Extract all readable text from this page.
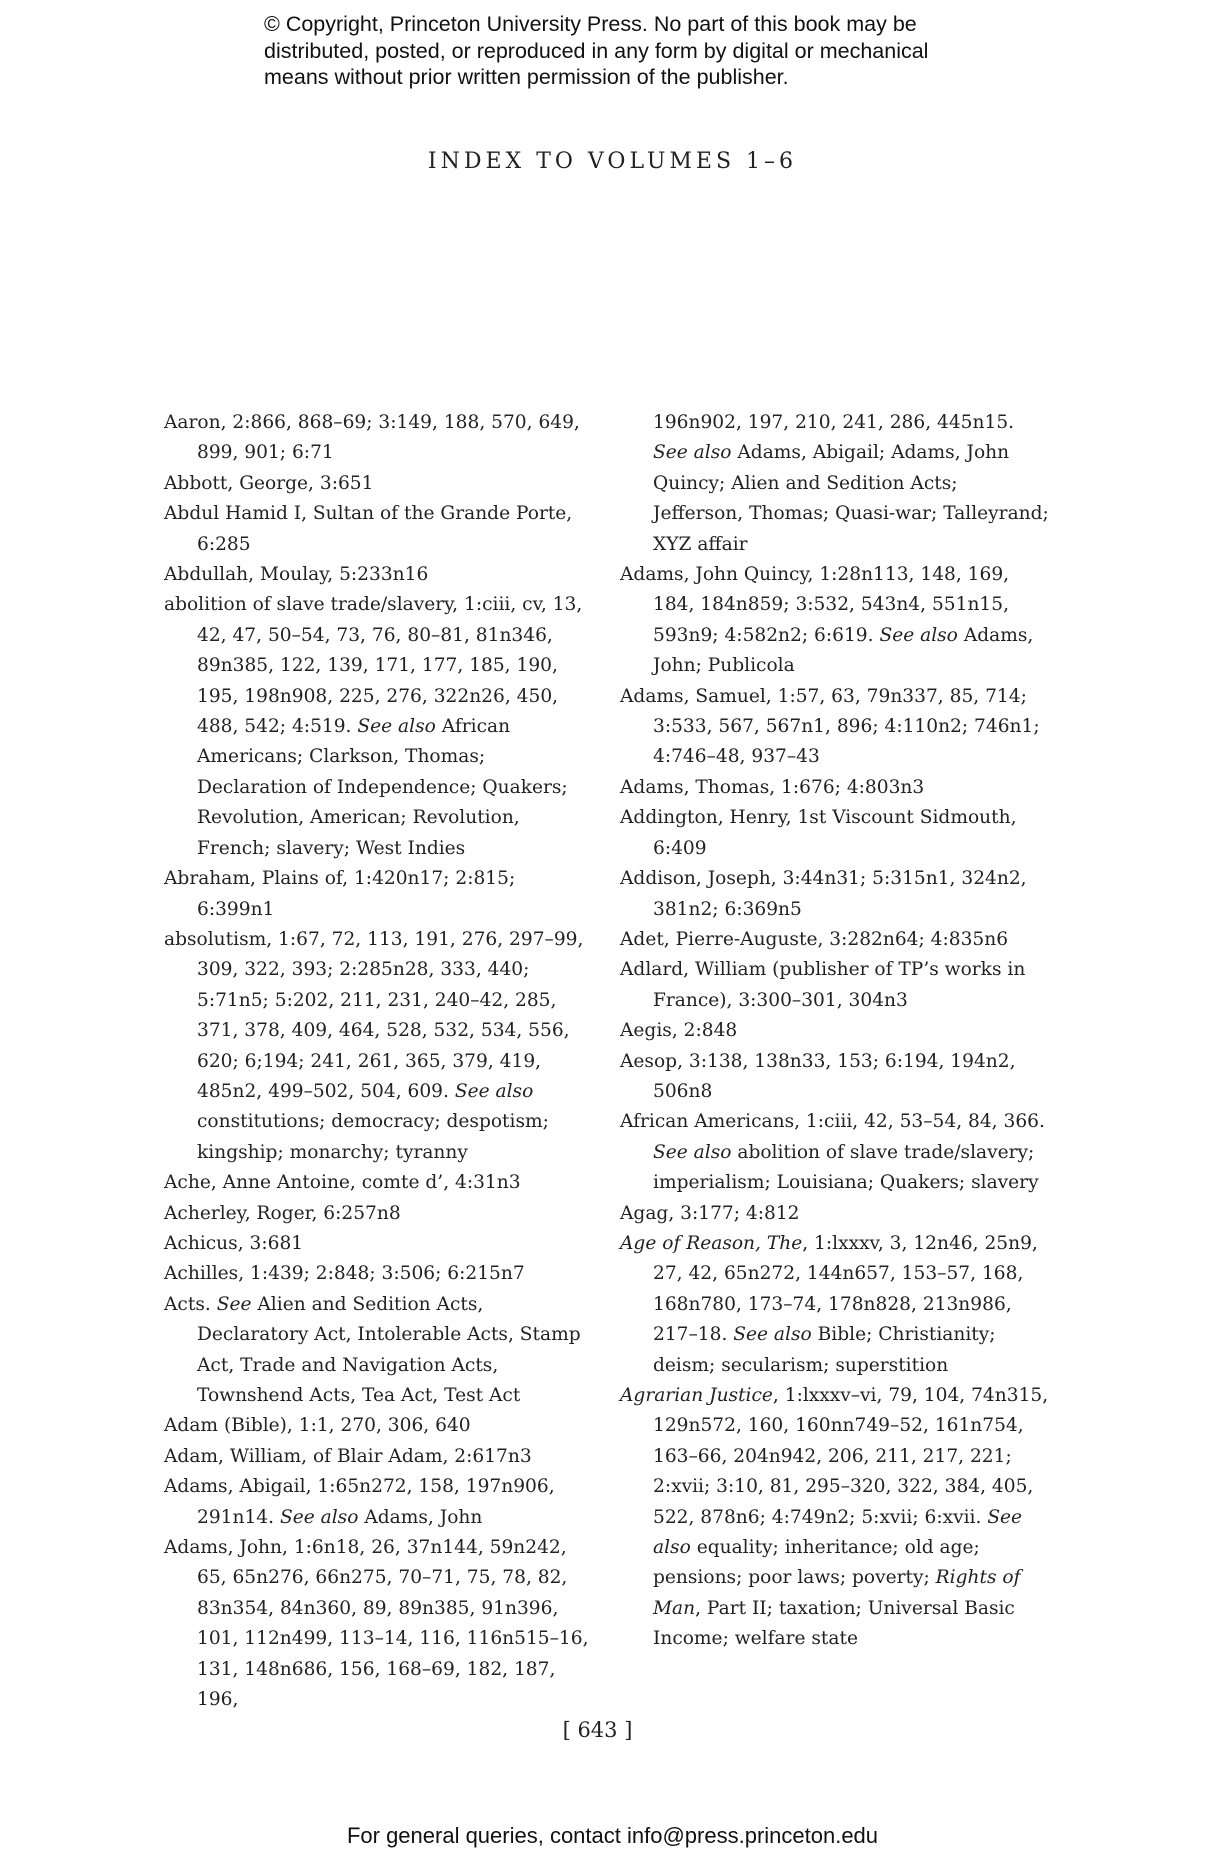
© Copyright, Princeton University Press. No part of this book may be
distributed, posted, or reproduced in any form by digital or mechanical
means without prior written permission of the publisher.
INDEX TO VOLUMES 1–6
Aaron, 2:866, 868–69; 3:149, 188, 570, 649, 899, 901; 6:71
Abbott, George, 3:651
Abdul Hamid I, Sultan of the Grande Porte, 6:285
Abdullah, Moulay, 5:233n16
abolition of slave trade/slavery, 1:ciii, cv, 13, 42, 47, 50–54, 73, 76, 80–81, 81n346, 89n385, 122, 139, 171, 177, 185, 190, 195, 198n908, 225, 276, 322n26, 450, 488, 542; 4:519. See also African Americans; Clarkson, Thomas; Declaration of Independence; Quakers; Revolution, American; Revolution, French; slavery; West Indies
Abraham, Plains of, 1:420n17; 2:815; 6:399n1
absolutism, 1:67, 72, 113, 191, 276, 297–99, 309, 322, 393; 2:285n28, 333, 440; 5:71n5; 5:202, 211, 231, 240–42, 285, 371, 378, 409, 464, 528, 532, 534, 556, 620; 6;194; 241, 261, 365, 379, 419, 485n2, 499–502, 504, 609. See also constitutions; democracy; despotism; kingship; monarchy; tyranny
Ache, Anne Antoine, comte d’, 4:31n3
Acherley, Roger, 6:257n8
Achicus, 3:681
Achilles, 1:439; 2:848; 3:506; 6:215n7
Acts. See Alien and Sedition Acts, Declaratory Act, Intolerable Acts, Stamp Act, Trade and Navigation Acts, Townshend Acts, Tea Act, Test Act
Adam (Bible), 1:1, 270, 306, 640
Adam, William, of Blair Adam, 2:617n3
Adams, Abigail, 1:65n272, 158, 197n906, 291n14. See also Adams, John
Adams, John, 1:6n18, 26, 37n144, 59n242, 65, 65n276, 66n275, 70–71, 75, 78, 82, 83n354, 84n360, 89, 89n385, 91n396, 101, 112n499, 113–14, 116, 116n515–16, 131, 148n686, 156, 168–69, 182, 187, 196,
196n902, 197, 210, 241, 286, 445n15. See also Adams, Abigail; Adams, John Quincy; Alien and Sedition Acts; Jefferson, Thomas; Quasi-war; Talleyrand; XYZ affair
Adams, John Quincy, 1:28n113, 148, 169, 184, 184n859; 3:532, 543n4, 551n15, 593n9; 4:582n2; 6:619. See also Adams, John; Publicola
Adams, Samuel, 1:57, 63, 79n337, 85, 714; 3:533, 567, 567n1, 896; 4:110n2; 746n1; 4:746–48, 937–43
Adams, Thomas, 1:676; 4:803n3
Addington, Henry, 1st Viscount Sidmouth, 6:409
Addison, Joseph, 3:44n31; 5:315n1, 324n2, 381n2; 6:369n5
Adet, Pierre-Auguste, 3:282n64; 4:835n6
Adlard, William (publisher of TP’s works in France), 3:300–301, 304n3
Aegis, 2:848
Aesop, 3:138, 138n33, 153; 6:194, 194n2, 506n8
African Americans, 1:ciii, 42, 53–54, 84, 366. See also abolition of slave trade/slavery; imperialism; Louisiana; Quakers; slavery
Agag, 3:177; 4:812
Age of Reason, The, 1:lxxxv, 3, 12n46, 25n9, 27, 42, 65n272, 144n657, 153–57, 168, 168n780, 173–74, 178n828, 213n986, 217–18. See also Bible; Christianity; deism; secularism; superstition
Agrarian Justice, 1:lxxxv–vi, 79, 104, 74n315, 129n572, 160, 160nn749–52, 161n754, 163–66, 204n942, 206, 211, 217, 221; 2:xvii; 3:10, 81, 295–320, 322, 384, 405, 522, 878n6; 4:749n2; 5:xvii; 6:xvii. See also equality; inheritance; old age; pensions; poor laws; poverty; Rights of Man, Part II; taxation; Universal Basic Income; welfare state

[ 643 ]

For general queries, contact info@press.princeton.edu
